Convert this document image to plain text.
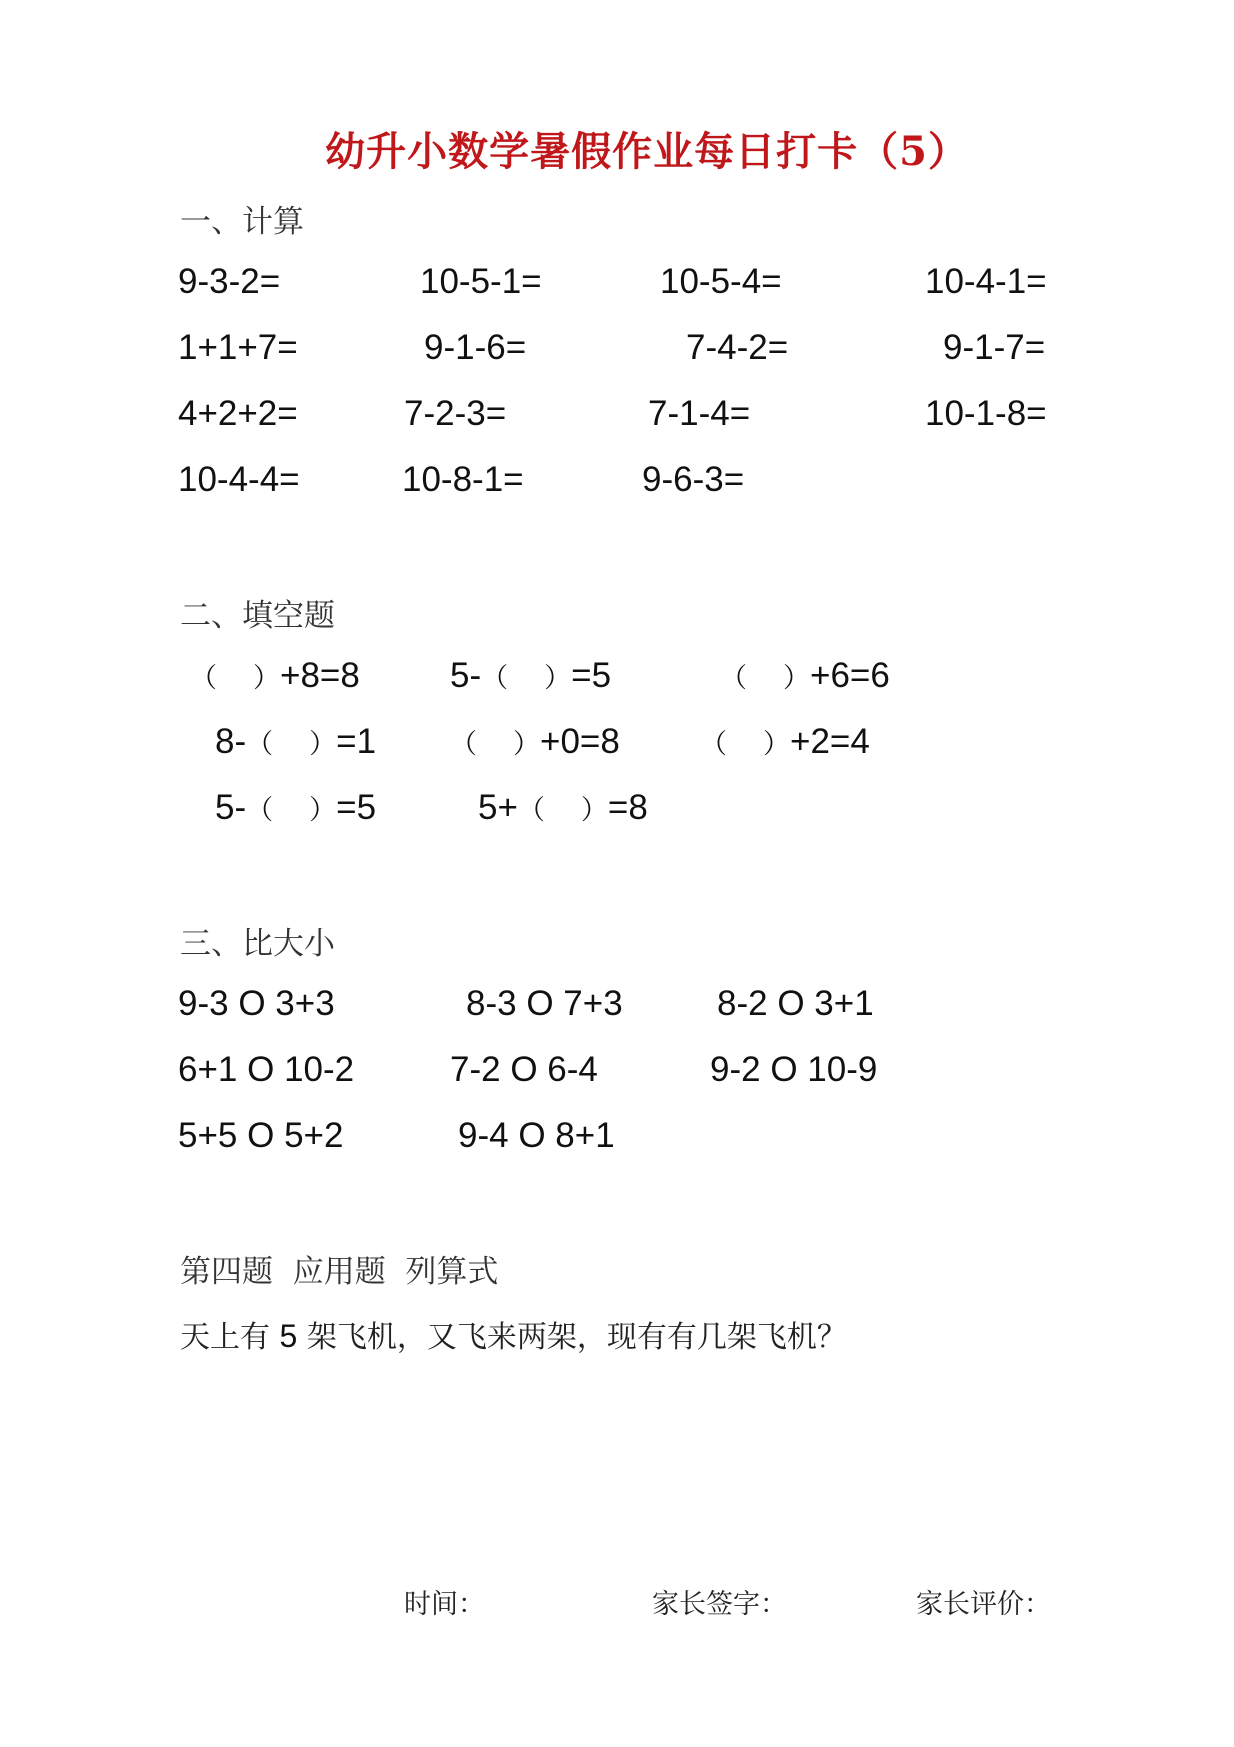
幼升小数学暑假作业每日打卡（5）
一、计算
9-3-2=	10-5-1=	10-5-4=	10-4-1=
1+1+7=	9-1-6=	7-4-2=	9-1-7=
4+2+2=	7-2-3=	7-1-4=	10-1-8=
10-4-4=	10-8-1=	9-6-3=
二、填空题
（ ）+8=8	5-（ ）=5	（ ）+6=6
8-（ ）=1	（ ）+0=8	（ ）+2=4
5-（ ）=5	5+（ ）=8
三、比大小
9-3 O 3+3	8-3 O 7+3	8-2 O 3+1
6+1 O 10-2	7-2 O 6-4	9-2 O 10-9
5+5 O 5+2	9-4 O 8+1
第四题  应用题  列算式
天上有 5 架飞机，又飞来两架，现有有几架飞机？
时间：	家长签字：	家长评价：
